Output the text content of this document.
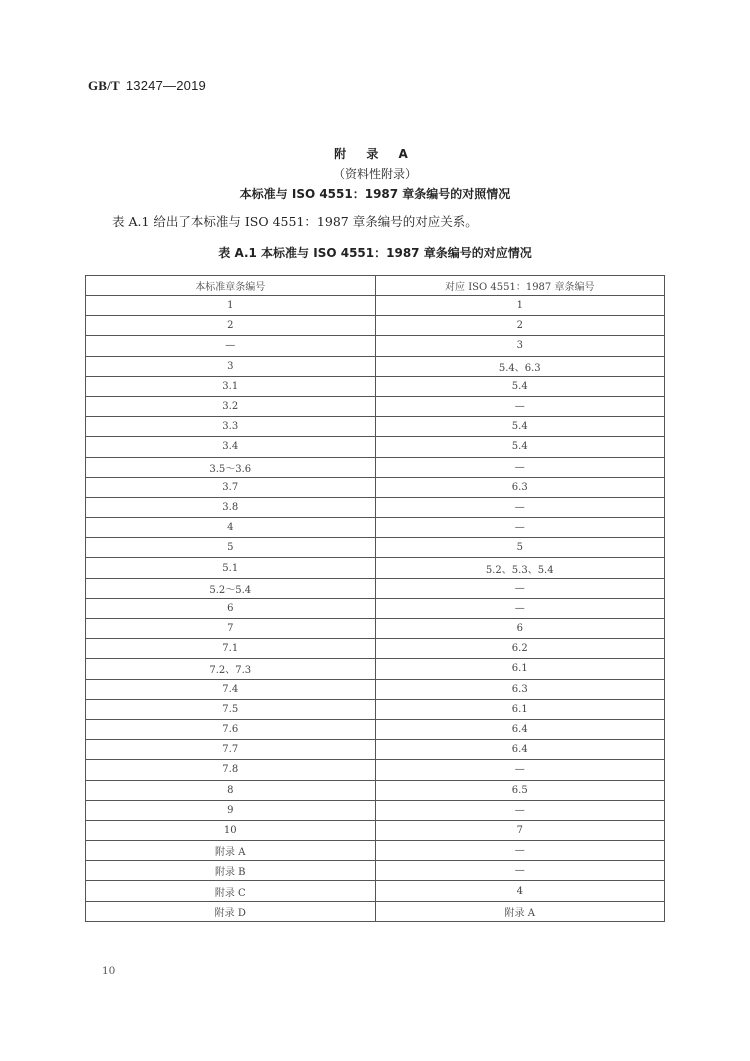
GB/T 13247—2019
附 录 A
（资料性附录）
本标准与 ISO 4551：1987 章条编号的对照情况
表 A.1 给出了本标准与 ISO 4551：1987 章条编号的对应关系。
表 A.1 本标准与 ISO 4551：1987 章条编号的对应情况
本标准章条编号	对应 ISO 4551：1987 章条编号
1	1
2	2
—	3
3	5.4、6.3
3.1	5.4
3.2	—
3.3	5.4
3.4	5.4
3.5～3.6	—
3.7	6.3
3.8	—
4	—
5	5
5.1	5.2、5.3、5.4
5.2～5.4	—
6	—
7	6
7.1	6.2
7.2、7.3	6.1
7.4	6.3
7.5	6.1
7.6	6.4
7.7	6.4
7.8	—
8	6.5
9	—
10	7
附录 A	—
附录 B	—
附录 C	4
附录 D	附录 A
10
